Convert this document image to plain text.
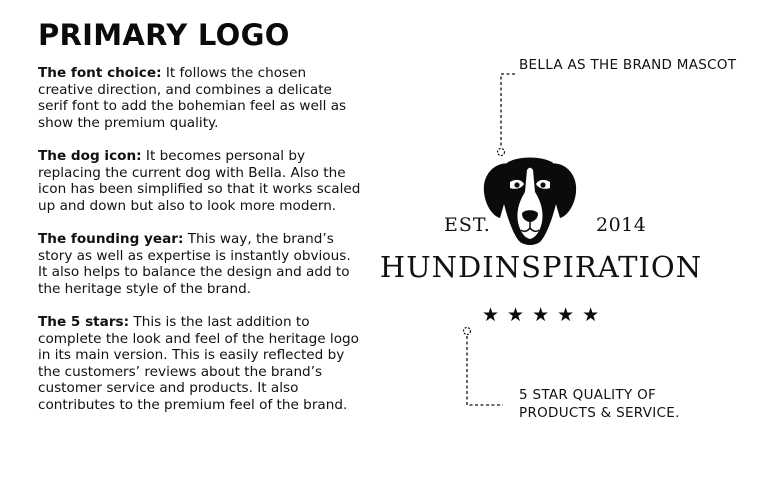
PRIMARY LOGO

The font choice: It follows the chosen creative direction, and combines a delicate serif font to add the bohemian feel as well as show the premium quality.

The dog icon: It becomes personal by replacing the current dog with Bella. Also the icon has been simplified so that it works scaled up and down but also to look more modern.

The founding year: This way, the brand’s story as well as expertise is instantly obvious. It also helps to balance the design and add to the heritage style of the brand.

The 5 stars: This is the last addition to complete the look and feel of the heritage logo in its main version. This is easily reflected by the customers’ reviews about the brand’s customer service and products. It also contributes to the premium feel of the brand.

BELLA AS THE BRAND MASCOT
5 STAR QUALITY OF
PRODUCTS & SERVICE.
EST.	2014
HUNDINSPIRATION
★★★★★
